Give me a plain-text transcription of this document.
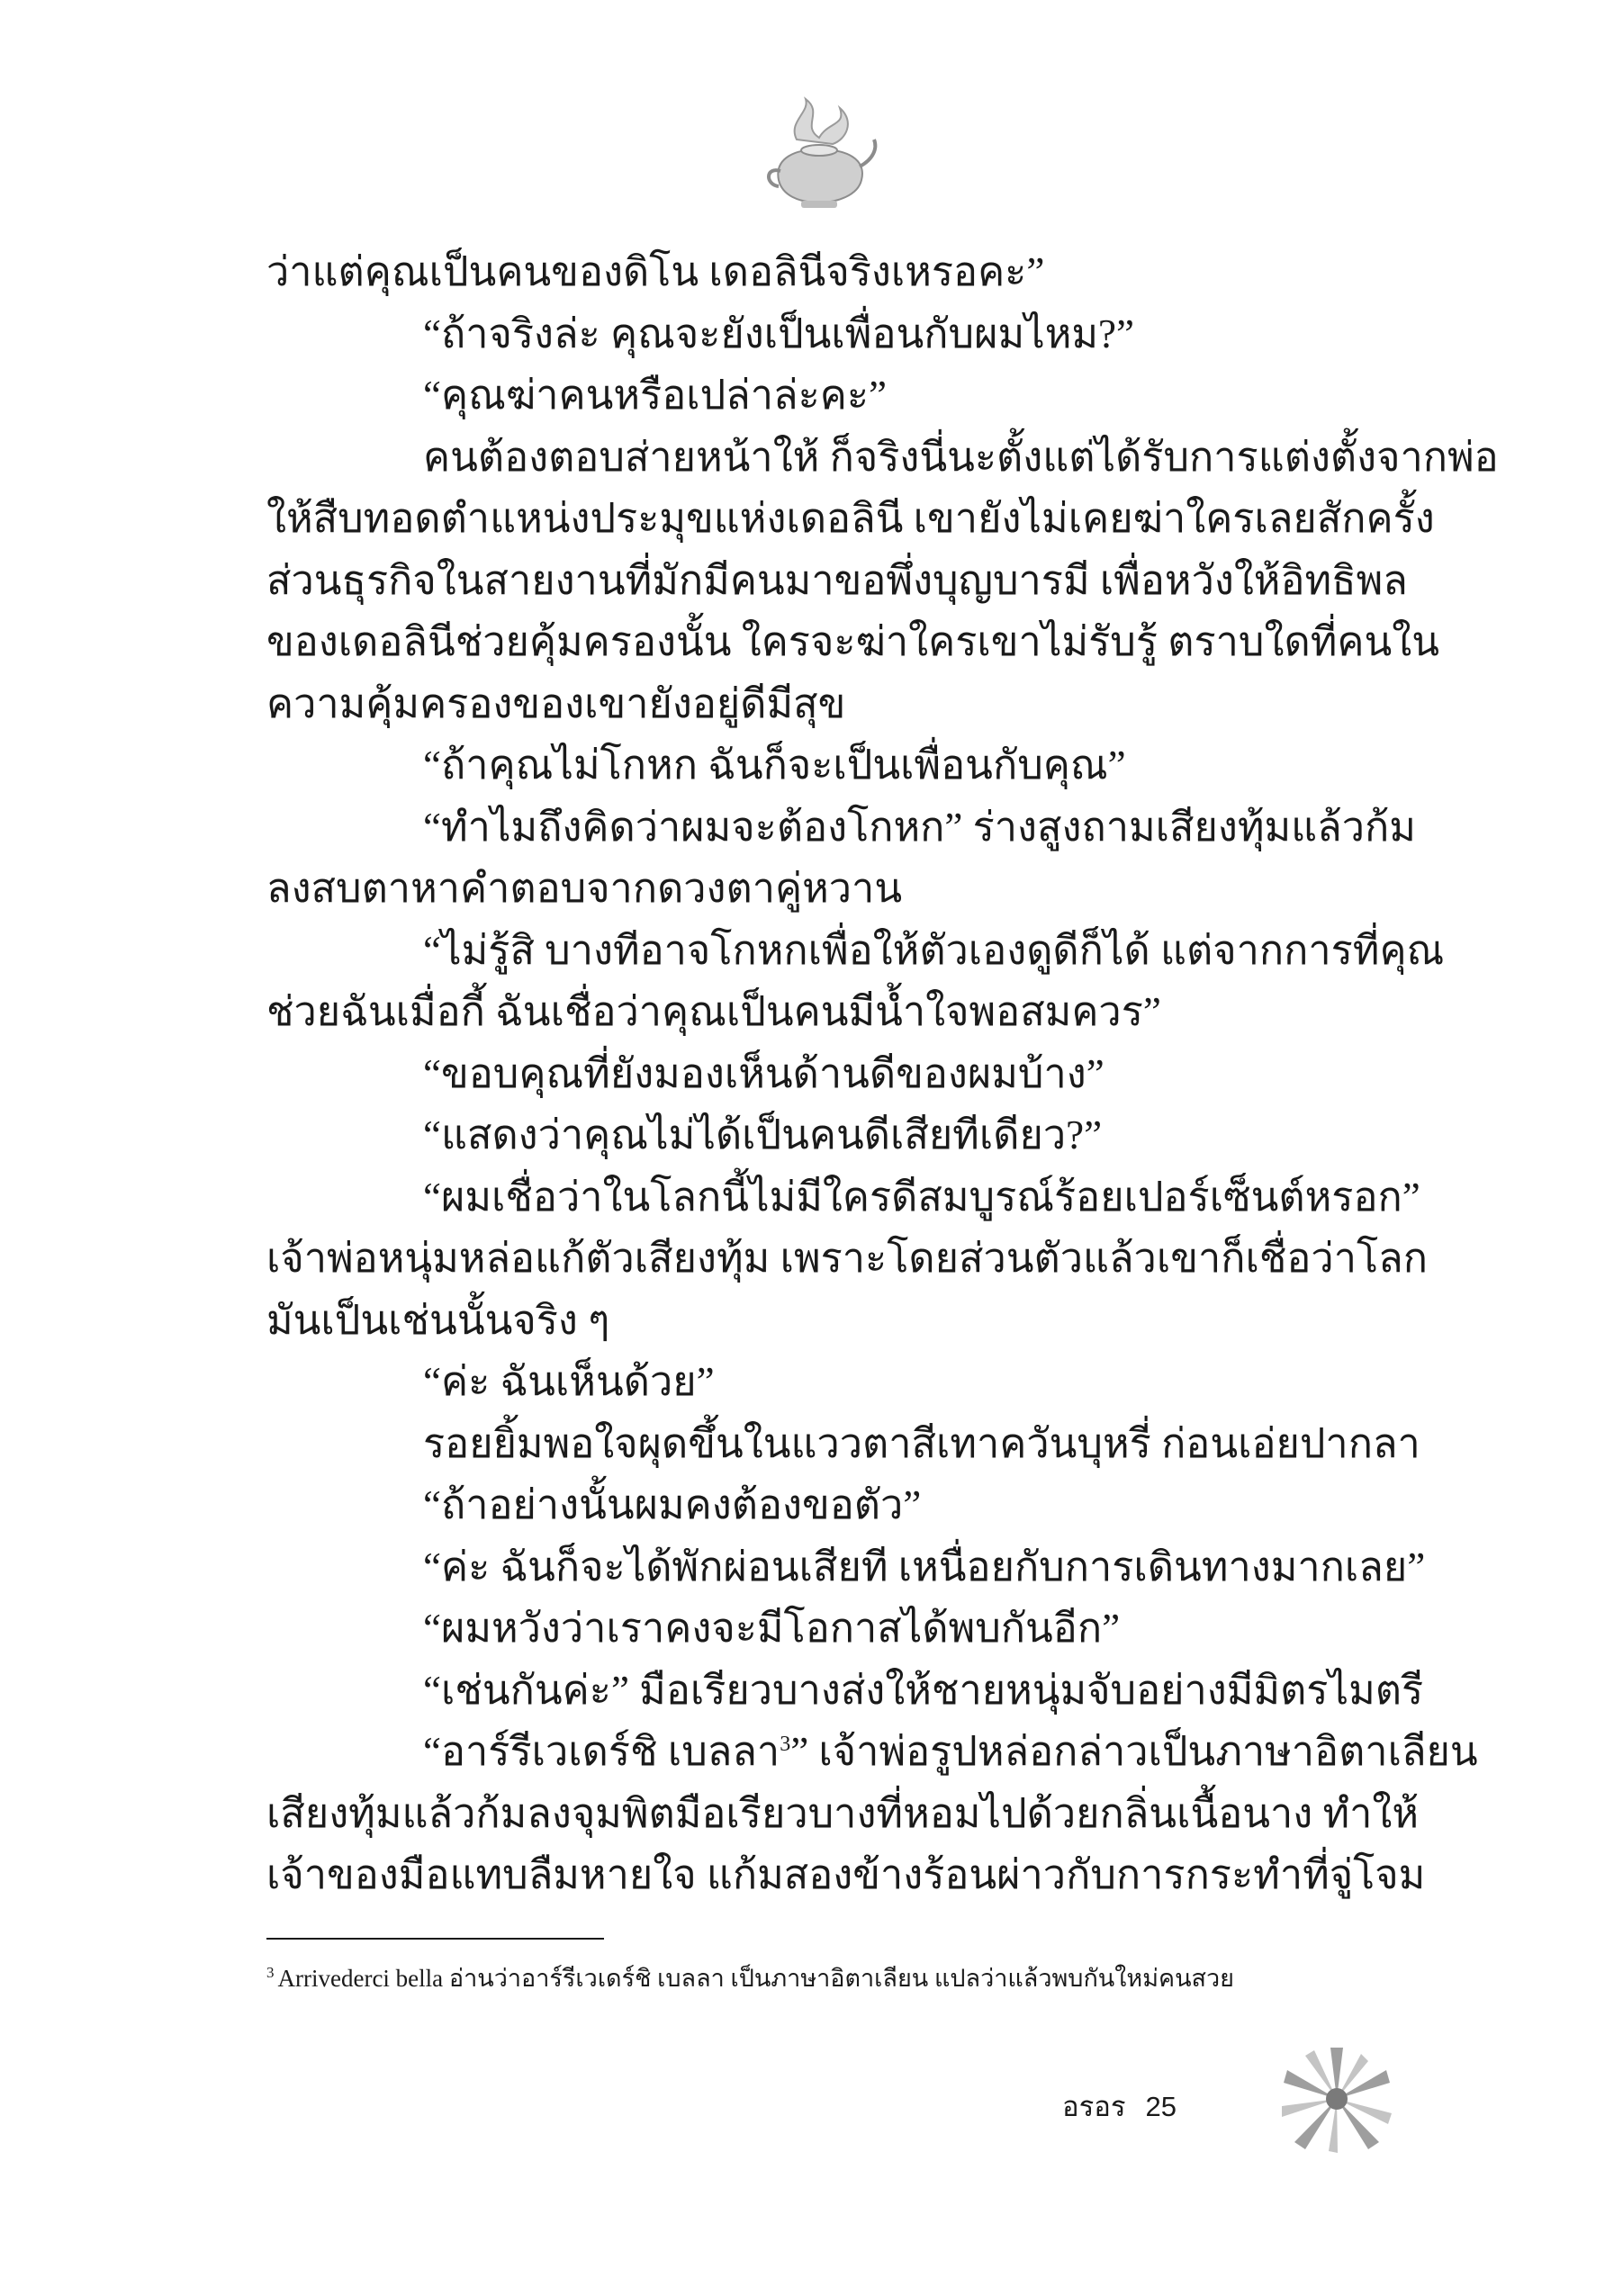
ว่าแต่คุณเป็นคนของดิโน เดอลินีจริงเหรอคะ”
“ถ้าจริงล่ะ คุณจะยังเป็นเพื่อนกับผมไหม?”
“คุณฆ่าคนหรือเปล่าล่ะคะ”
คนต้องตอบส่ายหน้าให้ ก็จริงนี่นะตั้งแต่ได้รับการแต่งตั้งจากพ่อ
ให้สืบทอดตำแหน่งประมุขแห่งเดอลินี เขายังไม่เคยฆ่าใครเลยสักครั้ง
ส่วนธุรกิจในสายงานที่มักมีคนมาขอพึ่งบุญบารมี เพื่อหวังให้อิทธิพล
ของเดอลินีช่วยคุ้มครองนั้น ใครจะฆ่าใครเขาไม่รับรู้ ตราบใดที่คนใน
ความคุ้มครองของเขายังอยู่ดีมีสุข
“ถ้าคุณไม่โกหก ฉันก็จะเป็นเพื่อนกับคุณ”
“ทำไมถึงคิดว่าผมจะต้องโกหก” ร่างสูงถามเสียงทุ้มแล้วก้ม
ลงสบตาหาคำตอบจากดวงตาคู่หวาน
“ไม่รู้สิ บางทีอาจโกหกเพื่อให้ตัวเองดูดีก็ได้ แต่จากการที่คุณ
ช่วยฉันเมื่อกี้ ฉันเชื่อว่าคุณเป็นคนมีน้ำใจพอสมควร”
“ขอบคุณที่ยังมองเห็นด้านดีของผมบ้าง”
“แสดงว่าคุณไม่ได้เป็นคนดีเสียทีเดียว?”
“ผมเชื่อว่าในโลกนี้ไม่มีใครดีสมบูรณ์ร้อยเปอร์เซ็นต์หรอก”
เจ้าพ่อหนุ่มหล่อแก้ตัวเสียงทุ้ม เพราะโดยส่วนตัวแล้วเขาก็เชื่อว่าโลก
มันเป็นเช่นนั้นจริง ๆ
“ค่ะ ฉันเห็นด้วย”
รอยยิ้มพอใจผุดขึ้นในแววตาสีเทาควันบุหรี่ ก่อนเอ่ยปากลา
“ถ้าอย่างนั้นผมคงต้องขอตัว”
“ค่ะ ฉันก็จะได้พักผ่อนเสียที เหนื่อยกับการเดินทางมากเลย”
“ผมหวังว่าเราคงจะมีโอกาสได้พบกันอีก”
“เช่นกันค่ะ” มือเรียวบางส่งให้ชายหนุ่มจับอย่างมีมิตรไมตรี
“อาร์รีเวเดร์ชิ เบลลา$^3$” เจ้าพ่อรูปหล่อกล่าวเป็นภาษาอิตาเลียน
เสียงทุ้มแล้วก้มลงจุมพิตมือเรียวบางที่หอมไปด้วยกลิ่นเนื้อนาง ทำให้
เจ้าของมือแทบลืมหายใจ แก้มสองข้างร้อนผ่าวกับการกระทำที่จู่โจม
$^3$ Arrivederci bella อ่านว่าอาร์รีเวเดร์ชิ เบลลา เป็นภาษาอิตาเลียน แปลว่าแล้วพบกันใหม่คนสวย
อรอร 25
